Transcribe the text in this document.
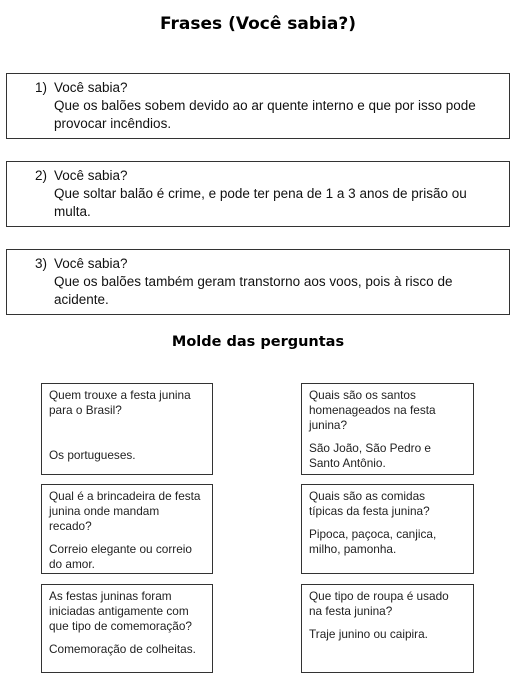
Frases (Você sabia?)
1) Você sabia?
Que os balões sobem devido ao ar quente interno e que por isso pode provocar incêndios.
2) Você sabia?
Que soltar balão é crime, e pode ter pena de 1 a 3 anos de prisão ou multa.
3) Você sabia?
Que os balões também geram transtorno aos voos, pois à risco de acidente.
Molde das perguntas
Quem trouxe a festa junina para o Brasil?
Os portugueses.
Qual é a brincadeira de festa junina onde mandam recado?
Correio elegante ou correio do amor.
As festas juninas foram iniciadas antigamente com que tipo de comemoração?
Comemoração de colheitas.
Quais são os santos homenageados na festa junina?
São João, São Pedro e Santo Antônio.
Quais são as comidas típicas da festa junina?
Pipoca, paçoca, canjica, milho, pamonha.
Que tipo de roupa é usado na festa junina?
Traje junino ou caipira.
